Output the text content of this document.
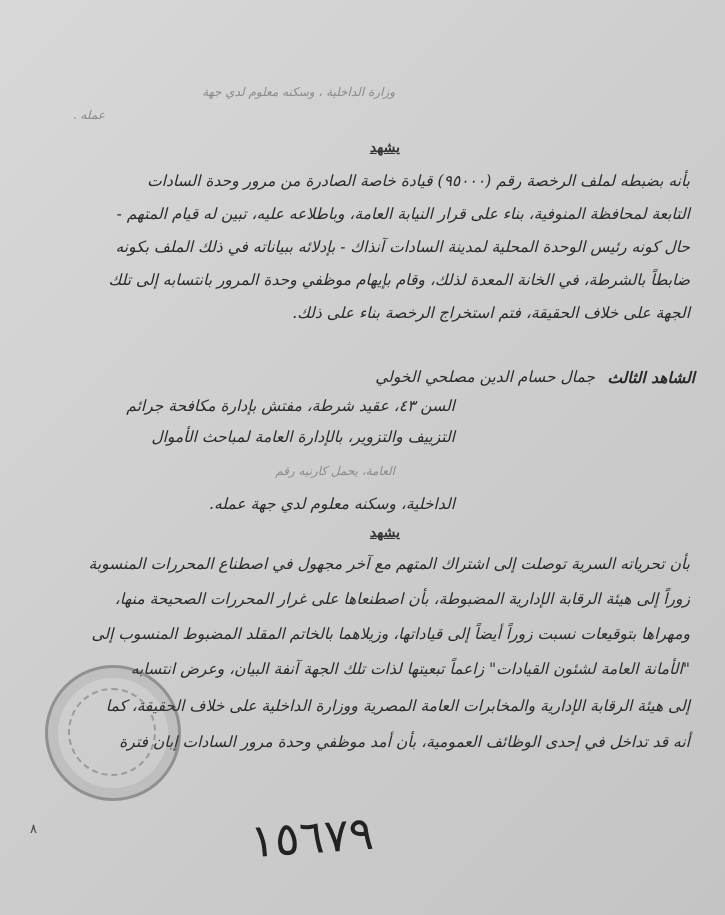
وزارة الداخلية ، وسكنه معلوم لدي جهة
عمله .
يشهد
بأنه بضبطه لملف الرخصة رقم (٩٥٠٠٠) قيادة خاصة الصادرة من مرور وحدة السادات
التابعة لمحافظة المنوفية، بناء على قرار النيابة العامة، وباطلاعه عليه، تبين له قيام المتهم -
حال كونه رئيس الوحدة المحلية لمدينة السادات آنذاك - بإدلائه ببياناته في ذلك الملف بكونه
ضابطاً بالشرطة، في الخانة المعدة لذلك، وقام بإيهام موظفي وحدة المرور بانتسابه إلى تلك
الجهة على خلاف الحقيقة، فتم استخراج الرخصة بناء على ذلك.
الشاهد الثالث
جمال حسام الدين مصلحي الخولي
السن ٤٣، عقيد شرطة، مفتش بإدارة مكافحة جرائم
التزييف والتزوير، بالإدارة العامة لمباحث الأموال
العامة، يحمل كارنيه رقم
الداخلية، وسكنه معلوم لدي جهة عمله.
يشهد
بأن تحرياته السرية توصلت إلى اشتراك المتهم مع آخر مجهول في اصطناع المحررات المنسوبة
زوراً إلى هيئة الرقابة الإدارية المضبوطة، بأن اصطنعاها على غرار المحررات الصحيحة منها،
ومهراها بتوقيعات نسبت زوراً أيضاً إلى قياداتها، وزيلاهما بالخاتم المقلد المضبوط المنسوب إلى
"الأمانة العامة لشئون القيادات" زاعماً تبعيتها لذات تلك الجهة آنفة البيان، وعرض انتسابه
إلى هيئة الرقابة الإدارية والمخابرات العامة المصرية ووزارة الداخلية على خلاف الحقيقة، كما
أنه قد تداخل في إحدى الوظائف العمومية، بأن أمد موظفي وحدة مرور السادات إبان فترة
١٥٦٧٩
٨
